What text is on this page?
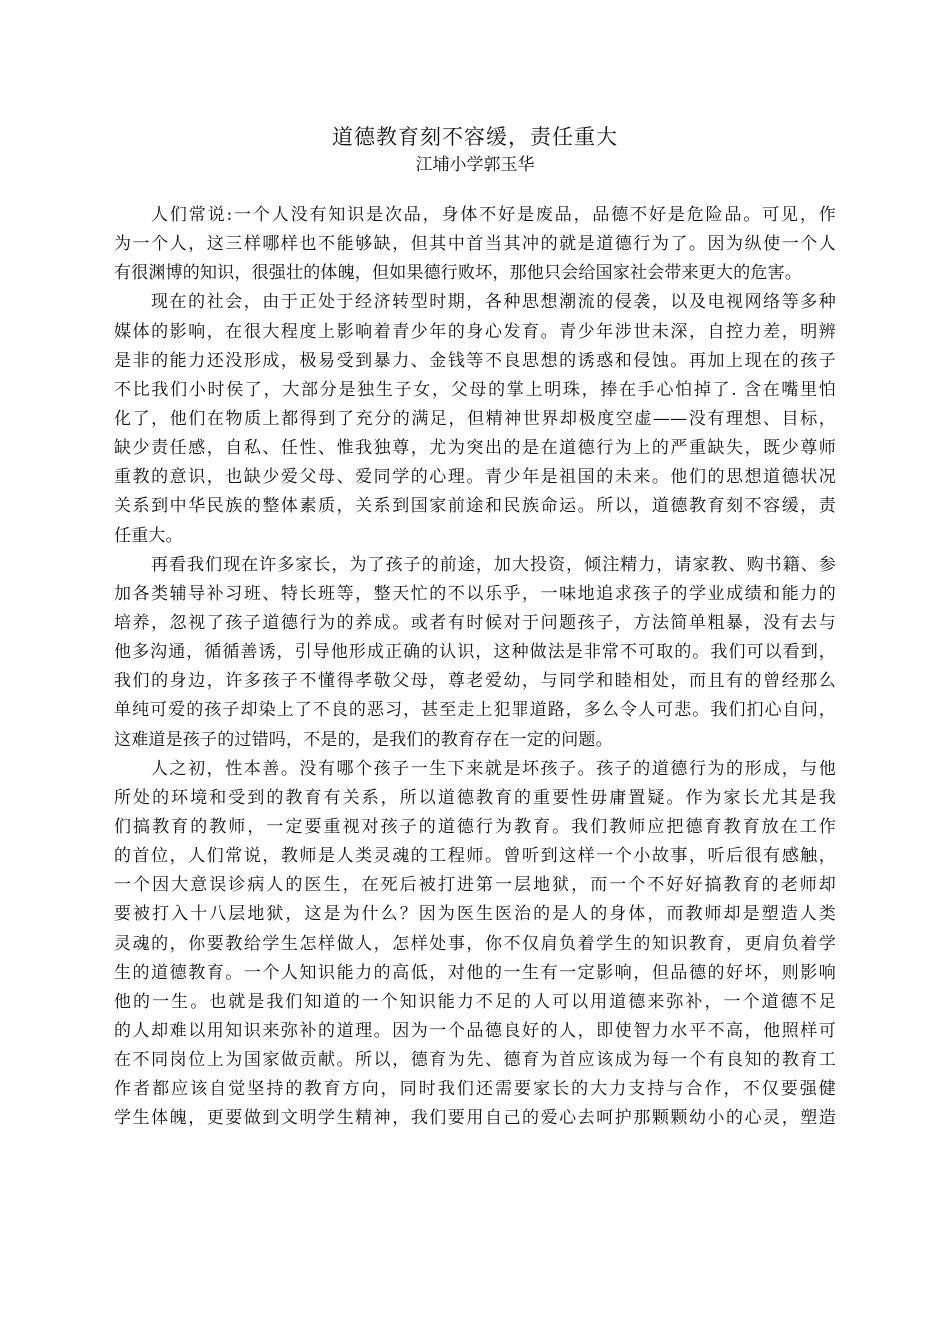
道德教育刻不容缓，责任重大
江埔小学郭玉华
人们常说:一个人没有知识是次品，身体不好是废品，品德不好是危险品。可见，作
为一个人，这三样哪样也不能够缺，但其中首当其冲的就是道德行为了。因为纵使一个人
有很渊博的知识，很强壮的体魄，但如果德行败坏，那他只会给国家社会带来更大的危害。
现在的社会，由于正处于经济转型时期，各种思想潮流的侵袭，以及电视网络等多种
媒体的影响，在很大程度上影响着青少年的身心发育。青少年涉世未深，自控力差，明辨
是非的能力还没形成，极易受到暴力、金钱等不良思想的诱惑和侵蚀。再加上现在的孩子
不比我们小时侯了，大部分是独生子女，父母的掌上明珠，捧在手心怕掉了. 含在嘴里怕
化了，他们在物质上都得到了充分的满足，但精神世界却极度空虚——没有理想、目标，
缺少责任感，自私、任性、惟我独尊，尤为突出的是在道德行为上的严重缺失，既少尊师
重教的意识，也缺少爱父母、爱同学的心理。青少年是祖国的未来。他们的思想道德状况
关系到中华民族的整体素质，关系到国家前途和民族命运。所以，道德教育刻不容缓，责
任重大。
再看我们现在许多家长，为了孩子的前途，加大投资，倾注精力，请家教、购书籍、参
加各类辅导补习班、特长班等，整天忙的不以乐乎，一味地追求孩子的学业成绩和能力的
培养，忽视了孩子道德行为的养成。或者有时候对于问题孩子，方法简单粗暴，没有去与
他多沟通，循循善诱，引导他形成正确的认识，这种做法是非常不可取的。我们可以看到，
我们的身边，许多孩子不懂得孝敬父母，尊老爱幼，与同学和睦相处，而且有的曾经那么
单纯可爱的孩子却染上了不良的恶习，甚至走上犯罪道路，多么令人可悲。我们扪心自问，
这难道是孩子的过错吗，不是的，是我们的教育存在一定的问题。
人之初，性本善。没有哪个孩子一生下来就是坏孩子。孩子的道德行为的形成，与他
所处的环境和受到的教育有关系，所以道德教育的重要性毋庸置疑。作为家长尤其是我
们搞教育的教师，一定要重视对孩子的道德行为教育。我们教师应把德育教育放在工作
的首位，人们常说，教师是人类灵魂的工程师。曾听到这样一个小故事，听后很有感触，
一个因大意误诊病人的医生，在死后被打进第一层地狱，而一个不好好搞教育的老师却
要被打入十八层地狱，这是为什么？因为医生医治的是人的身体，而教师却是塑造人类
灵魂的，你要教给学生怎样做人，怎样处事，你不仅肩负着学生的知识教育，更肩负着学
生的道德教育。一个人知识能力的高低，对他的一生有一定影响，但品德的好坏，则影响
他的一生。也就是我们知道的一个知识能力不足的人可以用道德来弥补，一个道德不足
的人却难以用知识来弥补的道理。因为一个品德良好的人，即使智力水平不高，他照样可
在不同岗位上为国家做贡献。所以，德育为先、德育为首应该成为每一个有良知的教育工
作者都应该自觉坚持的教育方向，同时我们还需要家长的大力支持与合作，不仅要强健
学生体魄，更要做到文明学生精神，我们要用自己的爱心去呵护那颗颗幼小的心灵，塑造
